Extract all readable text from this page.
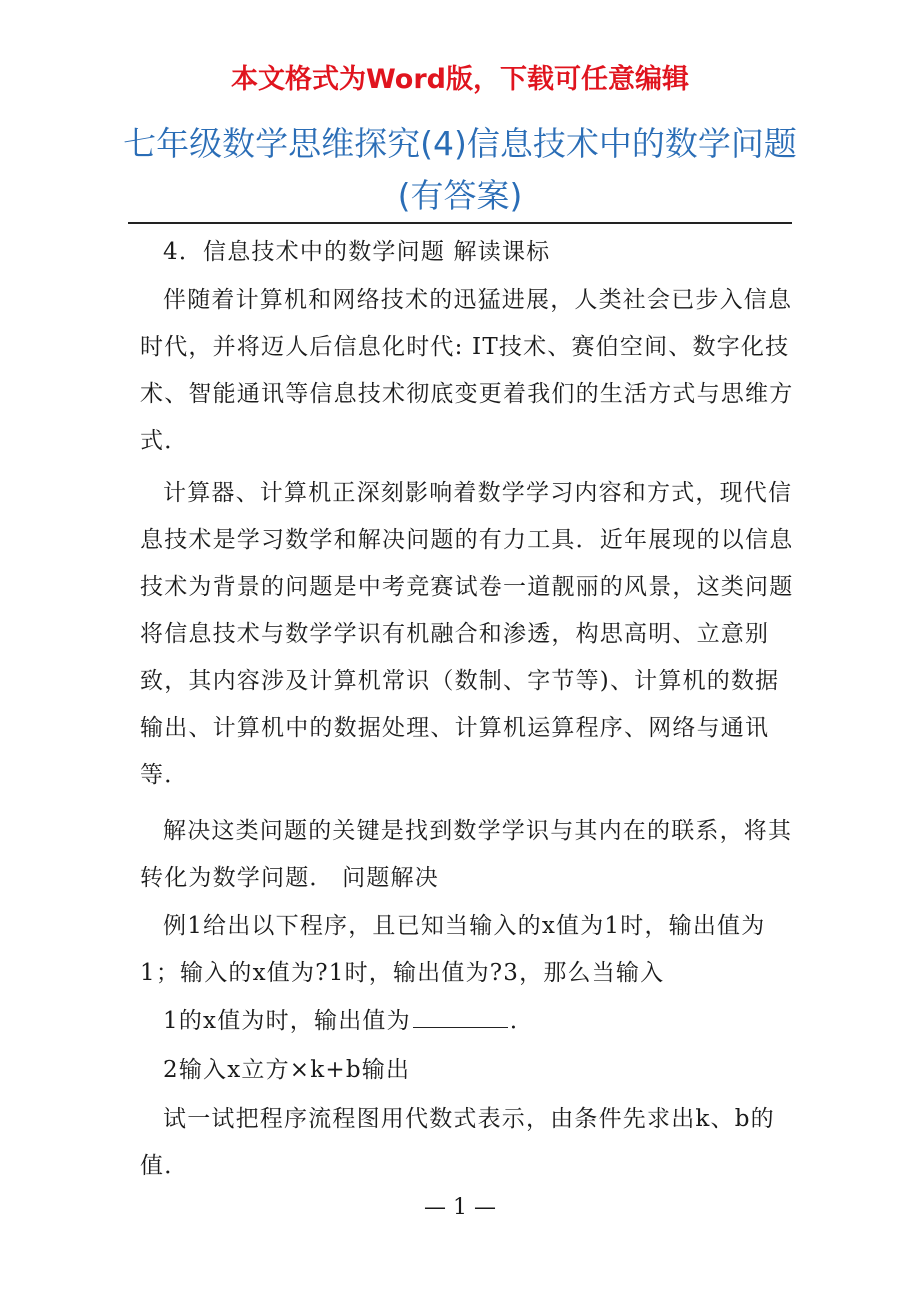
本文格式为Word版，下载可任意编辑
七年级数学思维探究(4)信息技术中的数学问题(有答案)

4．信息技术中的数学问题 解读课标

伴随着计算机和网络技术的迅猛进展，人类社会已步入信息时代，并将迈人后信息化时代: IT技术、赛伯空间、数字化技术、智能通讯等信息技术彻底变更着我们的生活方式与思维方式．

计算器、计算机正深刻影响着数学学习内容和方式，现代信息技术是学习数学和解决问题的有力工具．近年展现的以信息技术为背景的问题是中考竞赛试卷一道靓丽的风景，这类问题将信息技术与数学学识有机融合和渗透，构思高明、立意别致，其内容涉及计算机常识（数制、字节等)、计算机的数据输出、计算机中的数据处理、计算机运算程序、网络与通讯等．

解决这类问题的关键是找到数学学识与其内在的联系，将其转化为数学问题． 问题解决

例1给出以下程序，且已知当输入的x值为1时，输出值为1；输入的x值为?1时，输出值为?3，那么当输入

1的x值为时，输出值为	．

2输入x立方×k+b输出

试一试把程序流程图用代数式表示，由条件先求出k、b的值．

— 1 —
